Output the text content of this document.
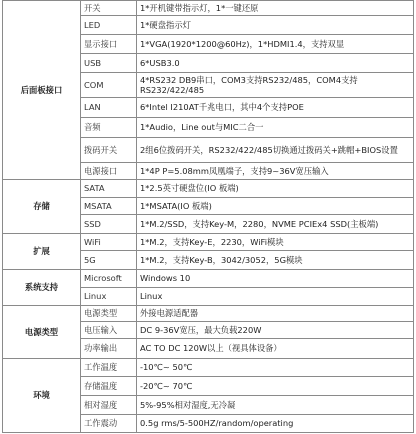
后面板接口	开关	1*开机键带指示灯，1*一键还原
	LED	1*硬盘指示灯
	显示接口	1*VGA(1920*1200@60Hz)，1*HDMI1.4，支持双显
	USB	6*USB3.0
	COM	4*RS232 DB9串口，COM3支持RS232/485，COM4支持RS232/422/485
	LAN	6*Intel I210AT千兆电口，其中4个支持POE
	音频	1*Audio，Line out与MIC二合一
	拨码开关	2组6位拨码开关，RS232/422/485切换通过拨码关+跳帽+BIOS设置
	电源接口	1*4P P=5.08mm凤凰端子，支持9~36V宽压输入
存储	SATA	1*2.5英寸硬盘位(IO 板端)
	MSATA	1*MSATA(IO 板端)
	SSD	1*M.2/SSD，支持Key-M，2280，NVME PCIEx4 SSD(主板端)
扩展	WiFi	1*M.2，支持Key-E，2230，WiFi模块
	5G	1*M.2，支持Key-B，3042/3052，5G模块
系统支持	Microsoft	Windows 10
	Linux	Linux
电源类型	电源类型	外接电源适配器
	电压输入	DC 9-36V宽压，最大负载220W
	功率输出	AC TO DC 120W以上（视具体设备）
环境	工作温度	-10℃~ 50℃
	存储温度	-20℃~ 70℃
	相对湿度	5%-95%相对湿度,无冷凝
	工作震动	0.5g rms/5-500HZ/random/operating
